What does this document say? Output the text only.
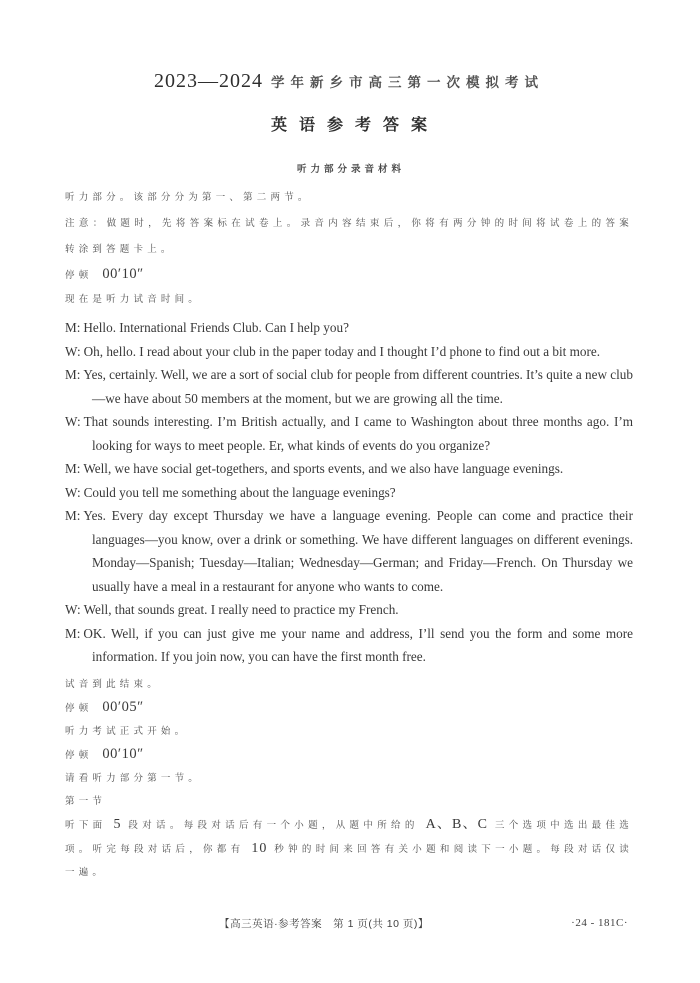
2023—2024 学年新乡市高三第一次模拟考试
英语参考答案
听力部分录音材料

听力部分。该部分分为第一、第二两节。

注意：做题时，先将答案标在试卷上。录音内容结束后，你将有两分钟的时间将试卷上的答案转涂到答题卡上。

停顿 00′10″

现在是听力试音时间。

M: Hello. International Friends Club. Can I help you?

W: Oh, hello. I read about your club in the paper today and I thought I’d phone to find out a bit more.

M: Yes, certainly. Well, we are a sort of social club for people from different countries. It’s quite a new club—we have about 50 members at the moment, but we are growing all the time.

W: That sounds interesting. I’m British actually, and I came to Washington about three months ago. I’m looking for ways to meet people. Er, what kinds of events do you organize?

M: Well, we have social get-togethers, and sports events, and we also have language evenings.

W: Could you tell me something about the language evenings?

M: Yes. Every day except Thursday we have a language evening. People can come and practice their languages—you know, over a drink or something. We have different languages on different evenings. Monday—Spanish; Tuesday—Italian; Wednesday—German; and Friday—French. On Thursday we usually have a meal in a restaurant for anyone who wants to come.

W: Well, that sounds great. I really need to practice my French.

M: OK. Well, if you can just give me your name and address, I’ll send you the form and some more information. If you join now, you can have the first month free.

试音到此结束。

停顿 00′05″

听力考试正式开始。

停顿 00′10″

请看听力部分第一节。

第一节

听下面 5 段对话。每段对话后有一个小题，从题中所给的 A、B、C 三个选项中选出最佳选项。听完每段对话后，你都有 10 秒钟的时间来回答有关小题和阅读下一小题。每段对话仅读一遍。

【高三英语·参考答案　第 1 页(共 10 页)】	·24 - 181C·
